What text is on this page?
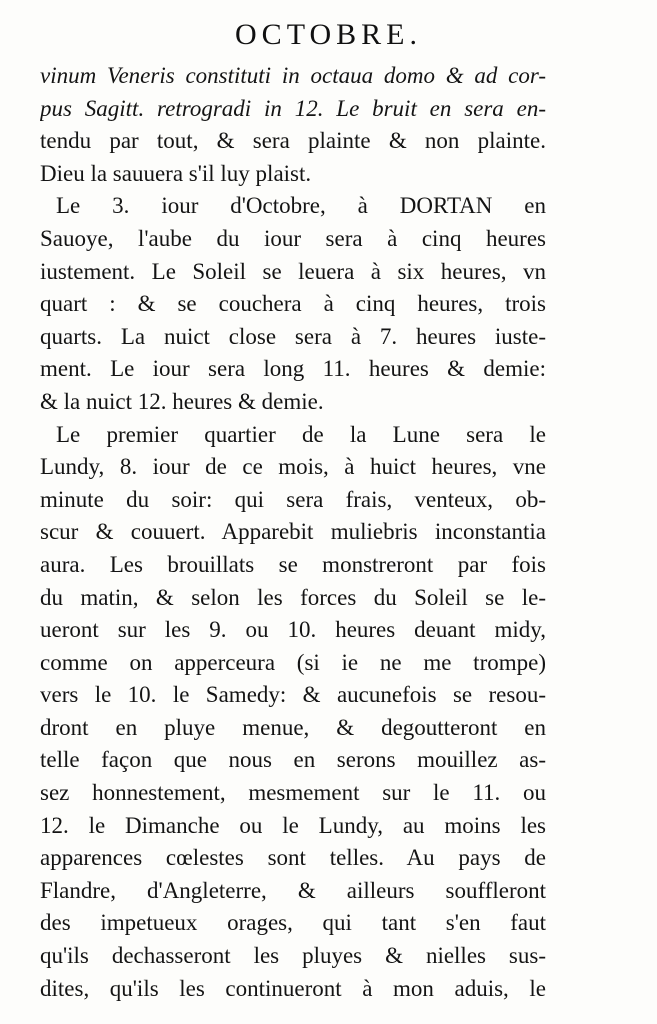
OCTOBRE.
vinum Veneris constituti in octaua domo & ad cor-
pus Sagitt. retrogradi in 12. Le bruit en sera en-
tendu par tout, & sera plainte & non plainte.
Dieu la sauuera s'il luy plaist.
Le 3. iour d'Octobre, à DORTAN en
Sauoye, l'aube du iour sera à cinq heures
iustement. Le Soleil se leuera à six heures, vn
quart : & se couchera à cinq heures, trois
quarts. La nuict close sera à 7. heures iuste-
ment. Le iour sera long 11. heures & demie:
& la nuict 12. heures & demie.
Le premier quartier de la Lune sera le
Lundy, 8. iour de ce mois, à huict heures, vne
minute du soir: qui sera frais, venteux, ob-
scur & couuert. Apparebit muliebris inconstantia
aura. Les brouillats se monstreront par fois
du matin, & selon les forces du Soleil se le-
ueront sur les 9. ou 10. heures deuant midy,
comme on apperceura (si ie ne me trompe)
vers le 10. le Samedy: & aucunefois se resou-
dront en pluye menue, & degoutteront en
telle façon que nous en serons mouillez as-
sez honnestement, mesmement sur le 11. ou
12. le Dimanche ou le Lundy, au moins les
apparences cœlestes sont telles. Au pays de
Flandre, d'Angleterre, & ailleurs souffleront
des impetueux orages, qui tant s'en faut
qu'ils dechasseront les pluyes & nielles sus-
dites, qu'ils les continueront à mon aduis, le
